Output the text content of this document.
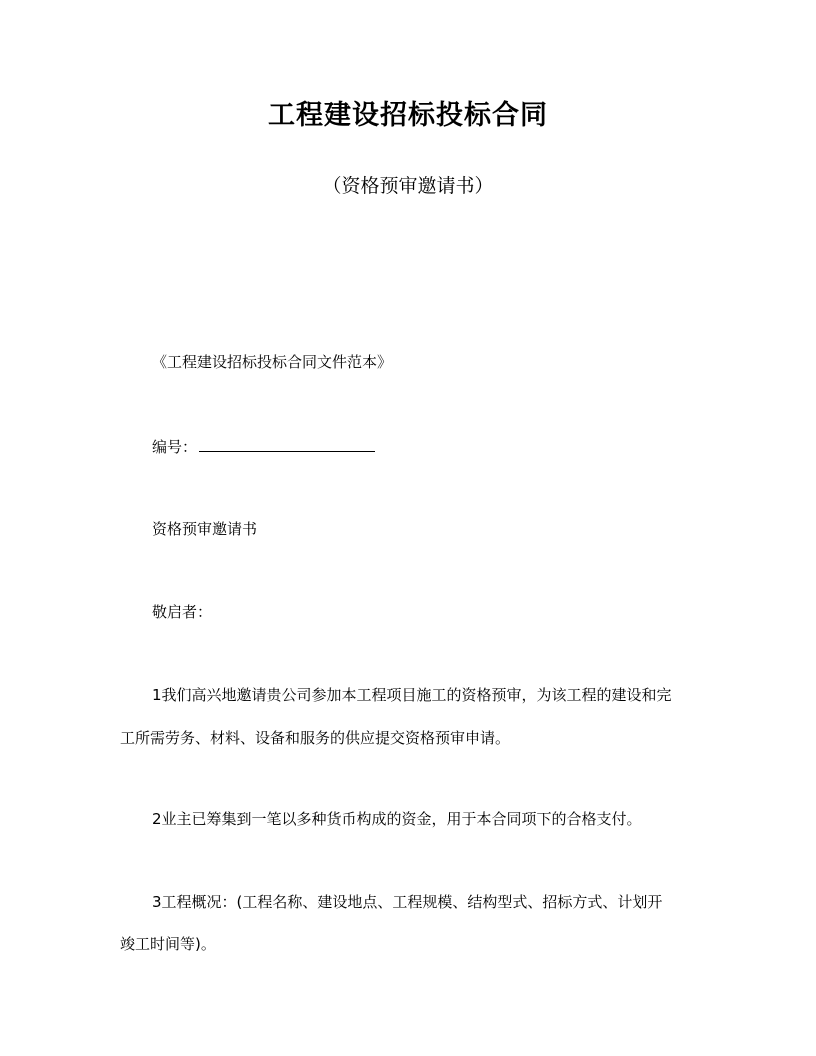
工程建设招标投标合同
（资格预审邀请书）
《工程建设招标投标合同文件范本》
编号：
资格预审邀请书
敬启者：
1我们高兴地邀请贵公司参加本工程项目施工的资格预审，为该工程的建设和完
工所需劳务、材料、设备和服务的供应提交资格预审申请。
2业主已筹集到一笔以多种货币构成的资金，用于本合同项下的合格支付。
3工程概况：(工程名称、建设地点、工程规模、结构型式、招标方式、计划开
竣工时间等)。
